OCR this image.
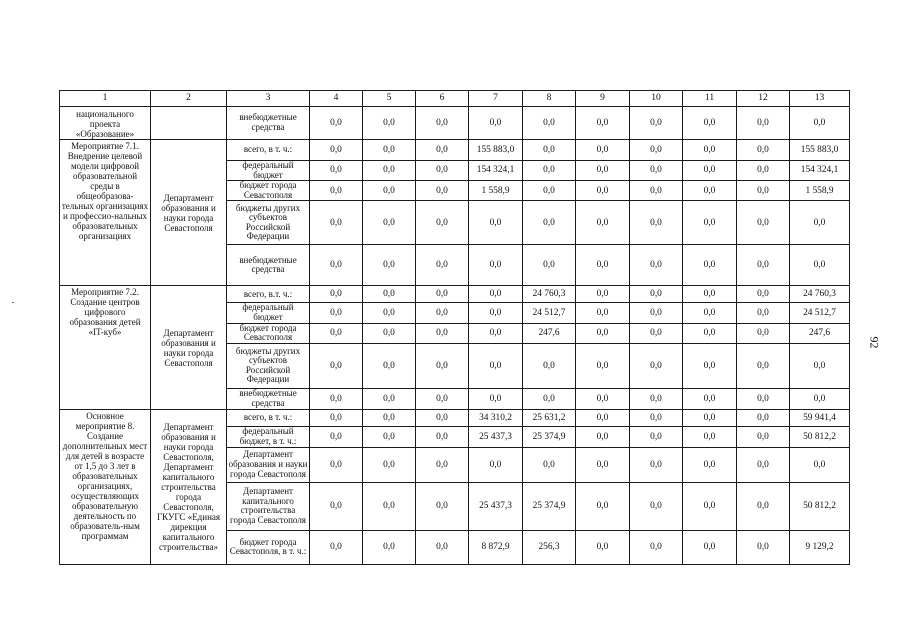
1	2	3	4	5	6	7	8	9	10	11	12	13
национального проекта «Образование»		внебюджетные средства	0,0	0,0	0,0	0,0	0,0	0,0	0,0	0,0	0,0	0,0
Мероприятие 7.1. Внедрение целевой модели цифровой образовательной среды в общеобразова-тельных организациях и профессио-нальных образовательных организациях	Департамент образования и науки города Севастополя	всего, в т. ч.:	0,0	0,0	0,0	155 883,0	0,0	0,0	0,0	0,0	0,0	155 883,0
		федеральный бюджет	0,0	0,0	0,0	154 324,1	0,0	0,0	0,0	0,0	0,0	154 324,1
		бюджет города Севастополя	0,0	0,0	0,0	1 558,9	0,0	0,0	0,0	0,0	0,0	1 558,9
		бюджеты других субъектов Российской Федерации	0,0	0,0	0,0	0,0	0,0	0,0	0,0	0,0	0,0	0,0
		внебюджетные средства	0,0	0,0	0,0	0,0	0,0	0,0	0,0	0,0	0,0	0,0
Мероприятие 7.2. Создание центров цифрового образования детей «IT-куб»	Департамент образования и науки города Севастополя	всего, в.т. ч.:	0,0	0,0	0,0	0,0	24 760,3	0,0	0,0	0,0	0,0	24 760,3
		федеральный бюджет	0,0	0,0	0,0	0,0	24 512,7	0,0	0,0	0,0	0,0	24 512,7
		бюджет города Севастополя	0,0	0,0	0,0	0,0	247,6	0,0	0,0	0,0	0,0	247,6
		бюджеты других субъектов Российской Федерации	0,0	0,0	0,0	0,0	0,0	0,0	0,0	0,0	0,0	0,0
		внебюджетные средства	0,0	0,0	0,0	0,0	0,0	0,0	0,0	0,0	0,0	0,0
Основное мероприятие 8. Создание дополнительных мест для детей в возрасте от 1,5 до 3 лет в образовательных организациях, осуществляющих образовательную деятельность по образователь-ным программам	Департамент образования и науки города Севастополя, Департамент капитального строительства города Севастополя, ГКУГС «Единая дирекция капитального строительства»	всего, в т. ч.:	0,0	0,0	0,0	34 310,2	25 631,2	0,0	0,0	0,0	0,0	59 941,4
		федеральный бюджет, в т. ч.:	0,0	0,0	0,0	25 437,3	25 374,9	0,0	0,0	0,0	0,0	50 812,2
		Департамент образования и науки города Севастополя	0,0	0,0	0,0	0,0	0,0	0,0	0,0	0,0	0,0	0,0
		Департамент капитального строительства города Севастополя	0,0	0,0	0,0	25 437,3	25 374,9	0,0	0,0	0,0	0,0	50 812,2
		бюджет города Севастополя, в т. ч.:	0,0	0,0	0,0	8 872,9	256,3	0,0	0,0	0,0	0,0	9 129,2
92
